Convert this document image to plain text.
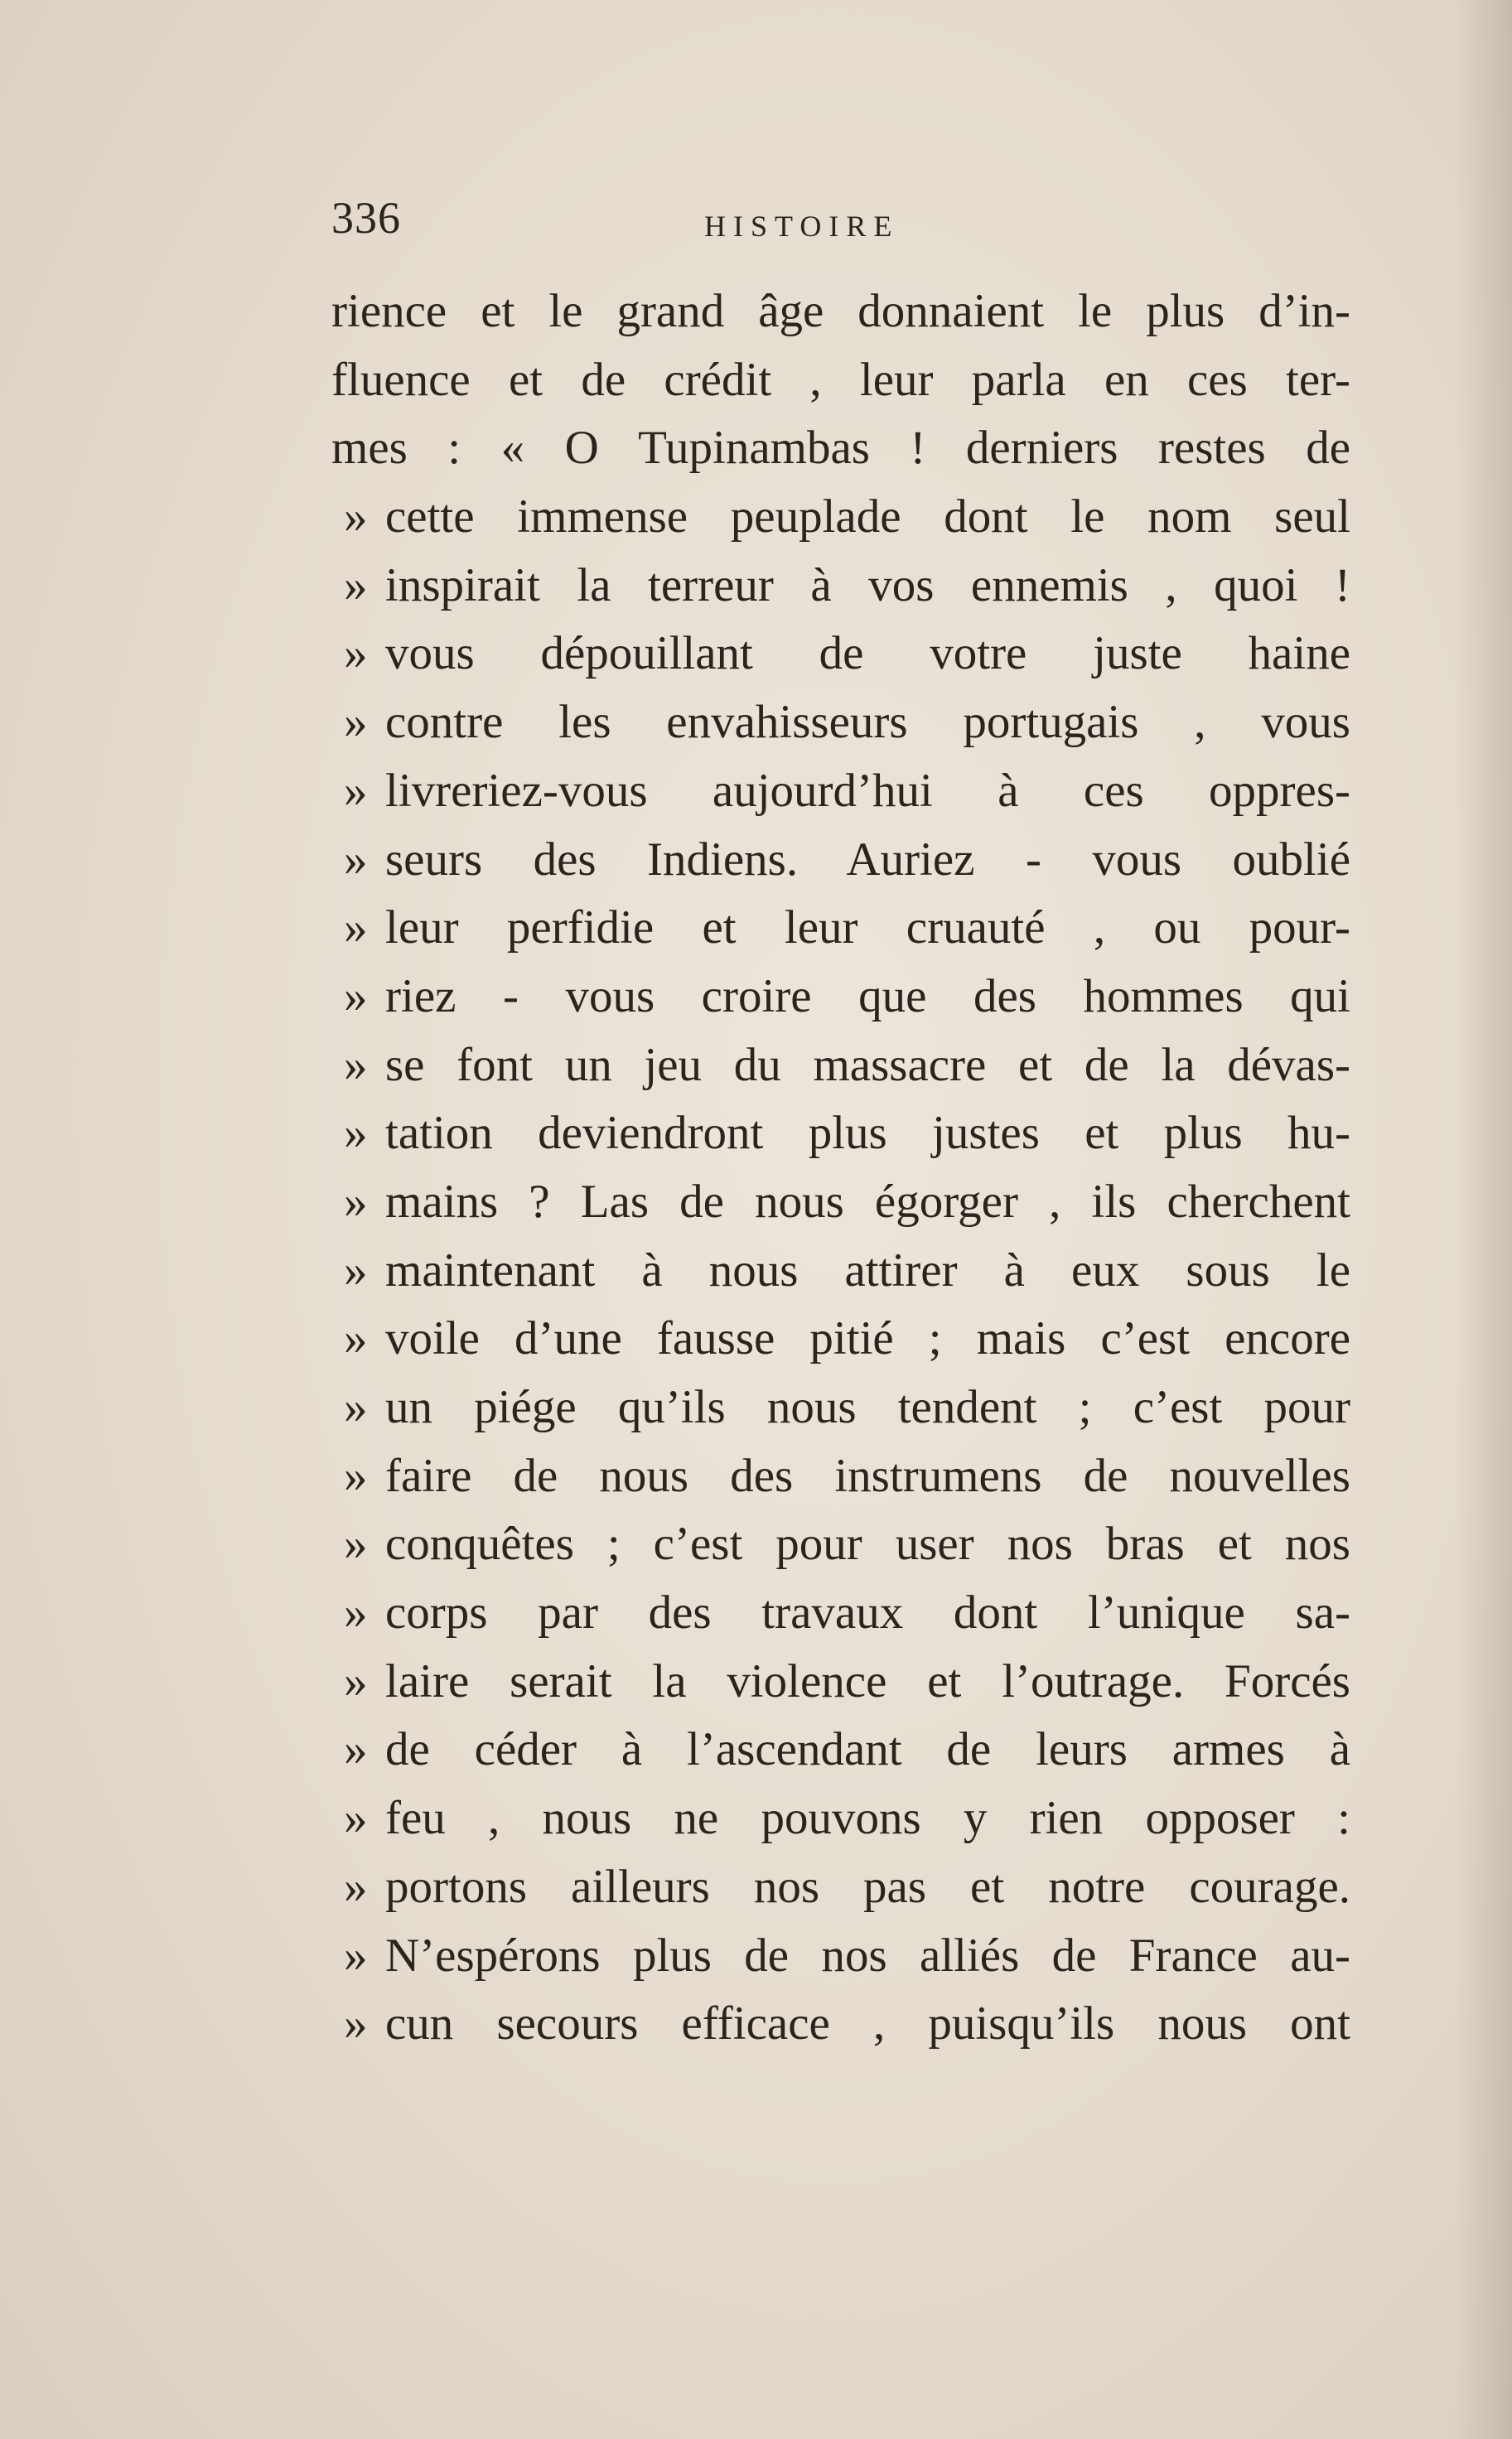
336	HISTOIRE
rience et le grand âge donnaient le plus d’in-
fluence et de crédit , leur parla en ces ter-
mes : « O Tupinambas ! derniers restes de
» cette immense peuplade dont le nom seul
» inspirait la terreur à vos ennemis , quoi !
» vous dépouillant de votre juste haine
» contre les envahisseurs portugais , vous
» livreriez-vous aujourd’hui à ces oppres-
» seurs des Indiens. Auriez - vous oublié
» leur perfidie et leur cruauté , ou pour-
» riez - vous croire que des hommes qui
» se font un jeu du massacre et de la dévas-
» tation deviendront plus justes et plus hu-
» mains ? Las de nous égorger , ils cherchent
» maintenant à nous attirer à eux sous le
» voile d’une fausse pitié ; mais c’est encore
» un piége qu’ils nous tendent ; c’est pour
» faire de nous des instrumens de nouvelles
» conquêtes ; c’est pour user nos bras et nos
» corps par des travaux dont l’unique sa-
» laire serait la violence et l’outrage. Forcés
» de céder à l’ascendant de leurs armes à
» feu , nous ne pouvons y rien opposer :
» portons ailleurs nos pas et notre courage.
» N’espérons plus de nos alliés de France au-
» cun secours efficace , puisqu’ils nous ont
